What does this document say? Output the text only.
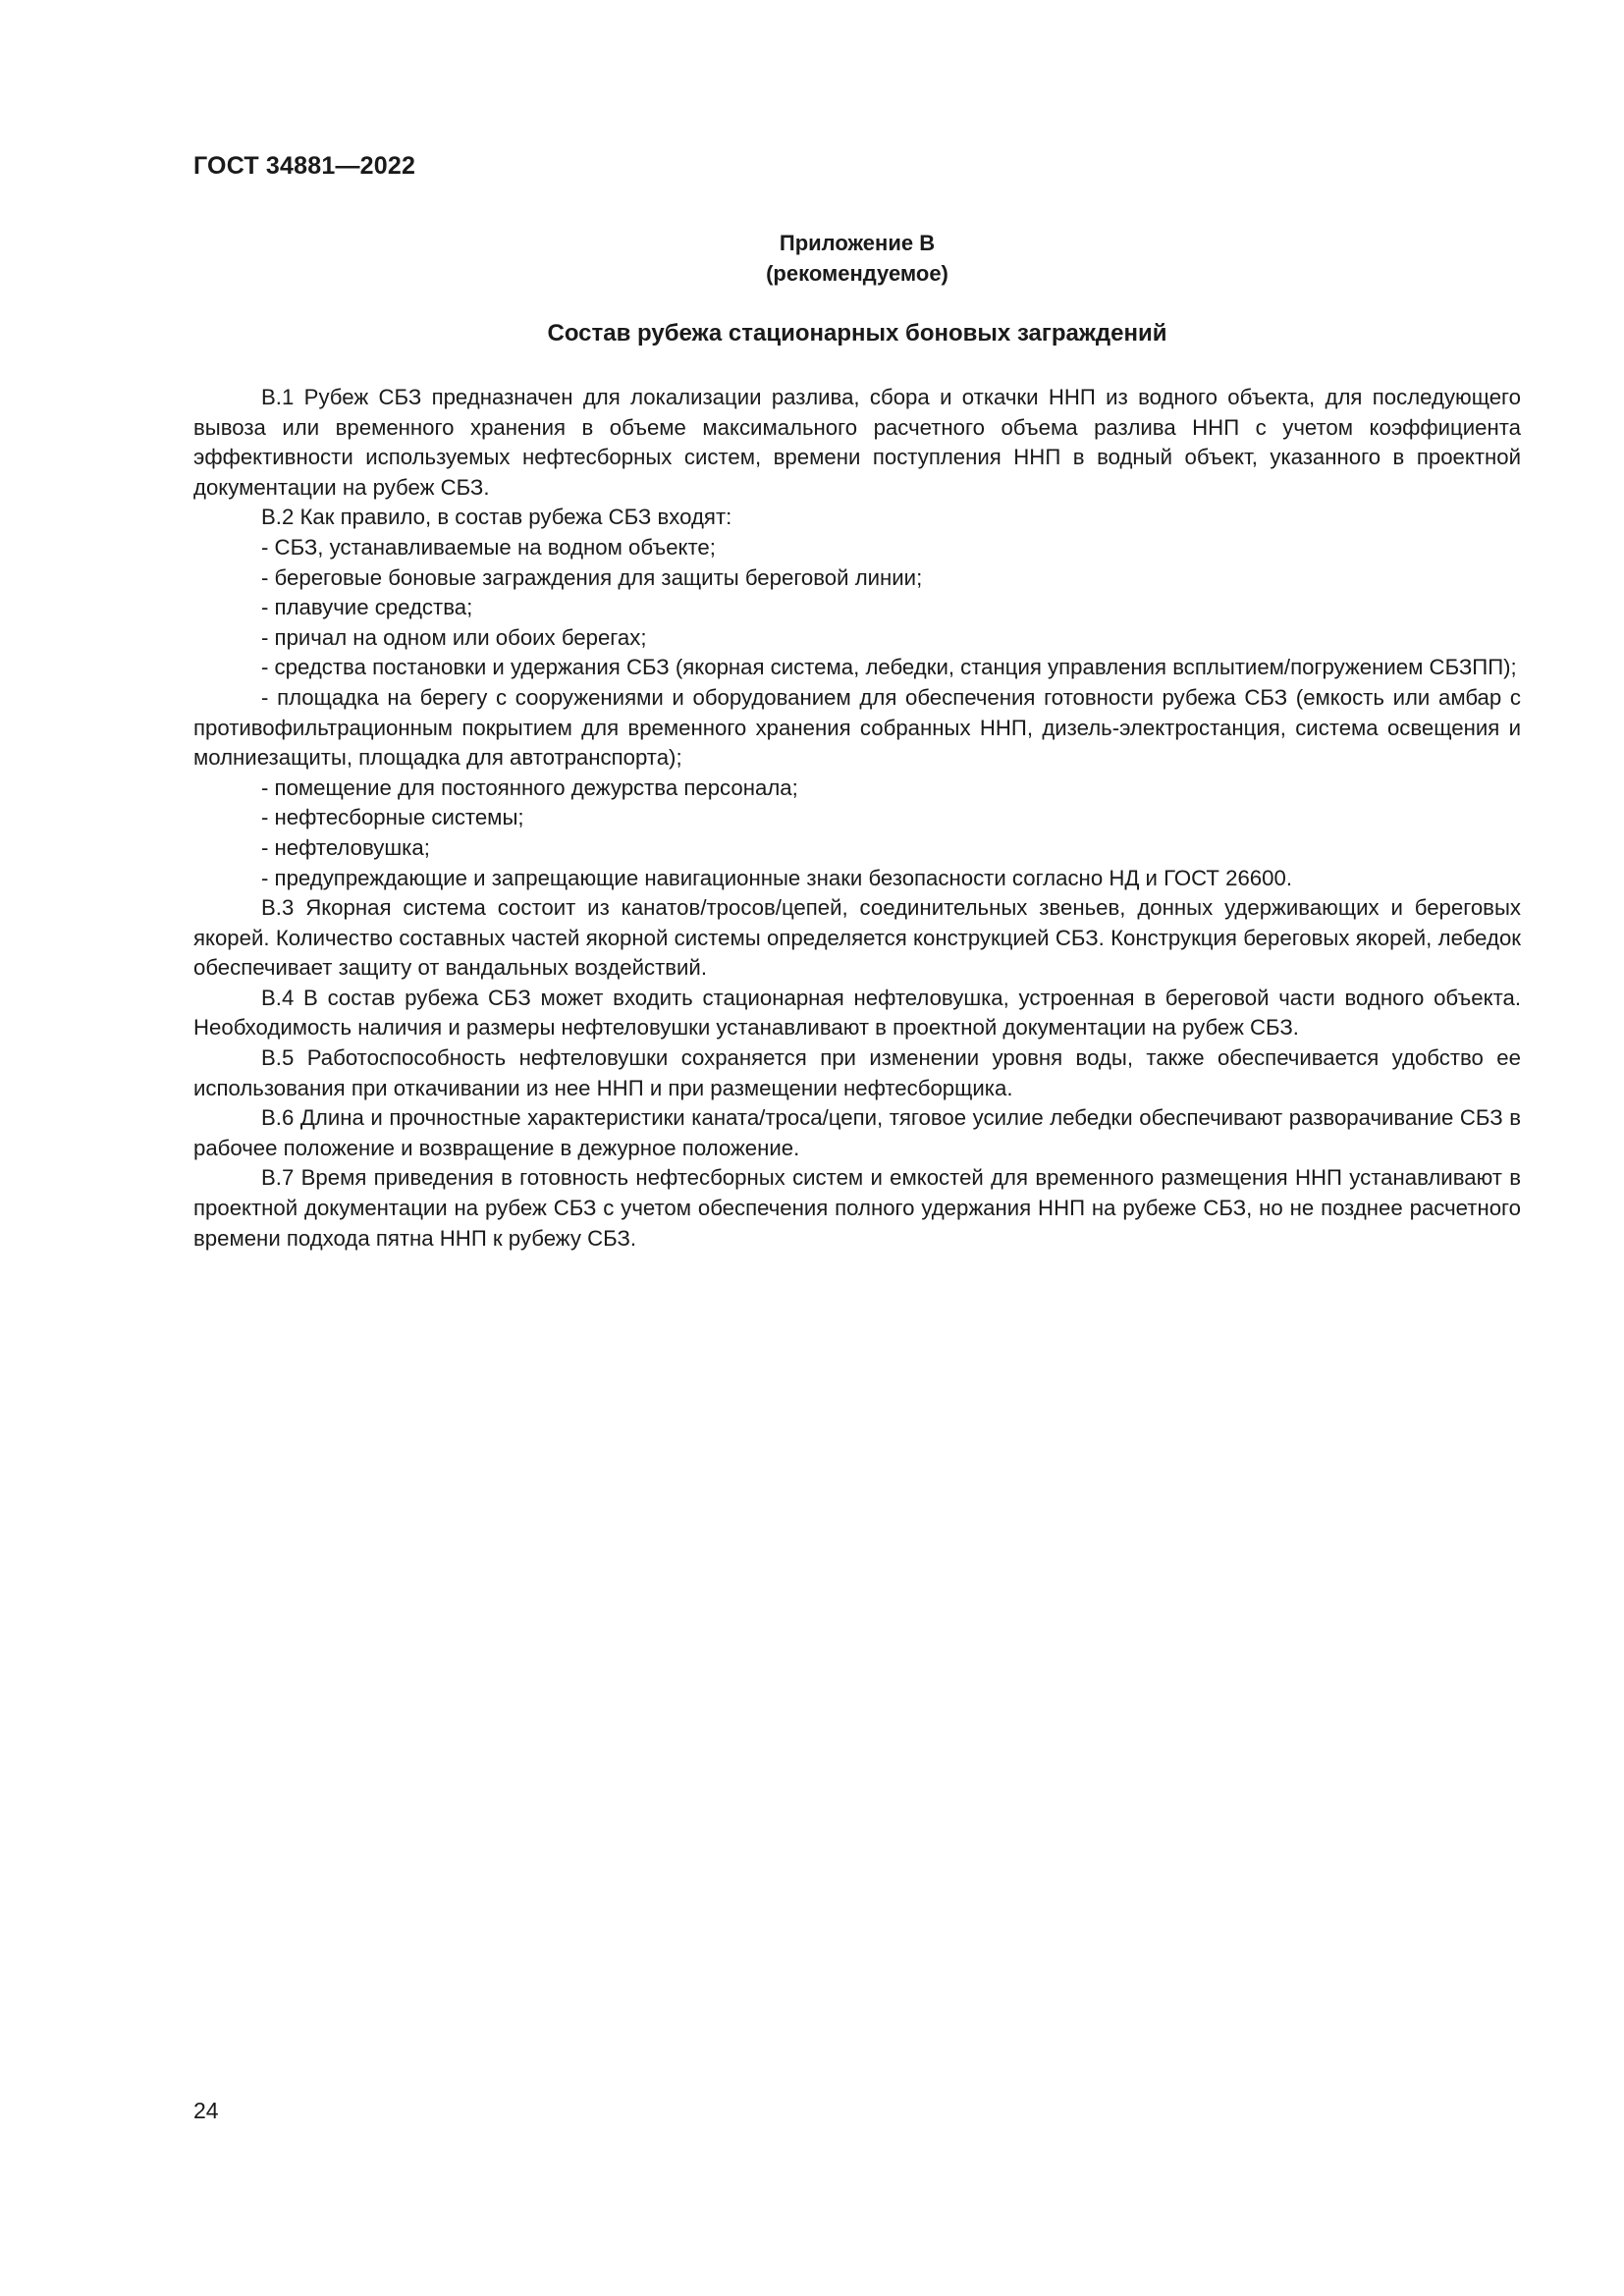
ГОСТ 34881—2022
Приложение В
(рекомендуемое)
Состав рубежа стационарных боновых заграждений

В.1 Рубеж СБЗ предназначен для локализации разлива, сбора и откачки ННП из водного объекта, для последующего вывоза или временного хранения в объеме максимального расчетного объема разлива ННП с учетом коэффициента эффективности используемых нефтесборных систем, времени поступления ННП в водный объект, указанного в проектной документации на рубеж СБЗ.

В.2 Как правило, в состав рубежа СБЗ входят:

- СБЗ, устанавливаемые на водном объекте;

- береговые боновые заграждения для защиты береговой линии;

- плавучие средства;

- причал на одном или обоих берегах;

- средства постановки и удержания СБЗ (якорная система, лебедки, станция управления всплытием/погружением СБЗПП);

- площадка на берегу с сооружениями и оборудованием для обеспечения готовности рубежа СБЗ (емкость или амбар с противофильтрационным покрытием для временного хранения собранных ННП, дизель-электростанция, система освещения и молниезащиты, площадка для автотранспорта);

- помещение для постоянного дежурства персонала;

- нефтесборные системы;

- нефтеловушка;

- предупреждающие и запрещающие навигационные знаки безопасности согласно НД и ГОСТ 26600.

В.3 Якорная система состоит из канатов/тросов/цепей, соединительных звеньев, донных удерживающих и береговых якорей. Количество составных частей якорной системы определяется конструкцией СБЗ. Конструкция береговых якорей, лебедок обеспечивает защиту от вандальных воздействий.

В.4 В состав рубежа СБЗ может входить стационарная нефтеловушка, устроенная в береговой части водного объекта. Необходимость наличия и размеры нефтеловушки устанавливают в проектной документации на рубеж СБЗ.

В.5 Работоспособность нефтеловушки сохраняется при изменении уровня воды, также обеспечивается удобство ее использования при откачивании из нее ННП и при размещении нефтесборщика.

В.6 Длина и прочностные характеристики каната/троса/цепи, тяговое усилие лебедки обеспечивают разворачивание СБЗ в рабочее положение и возвращение в дежурное положение.

В.7 Время приведения в готовность нефтесборных систем и емкостей для временного размещения ННП устанавливают в проектной документации на рубеж СБЗ с учетом обеспечения полного удержания ННП на рубеже СБЗ, но не позднее расчетного времени подхода пятна ННП к рубежу СБЗ.

24
